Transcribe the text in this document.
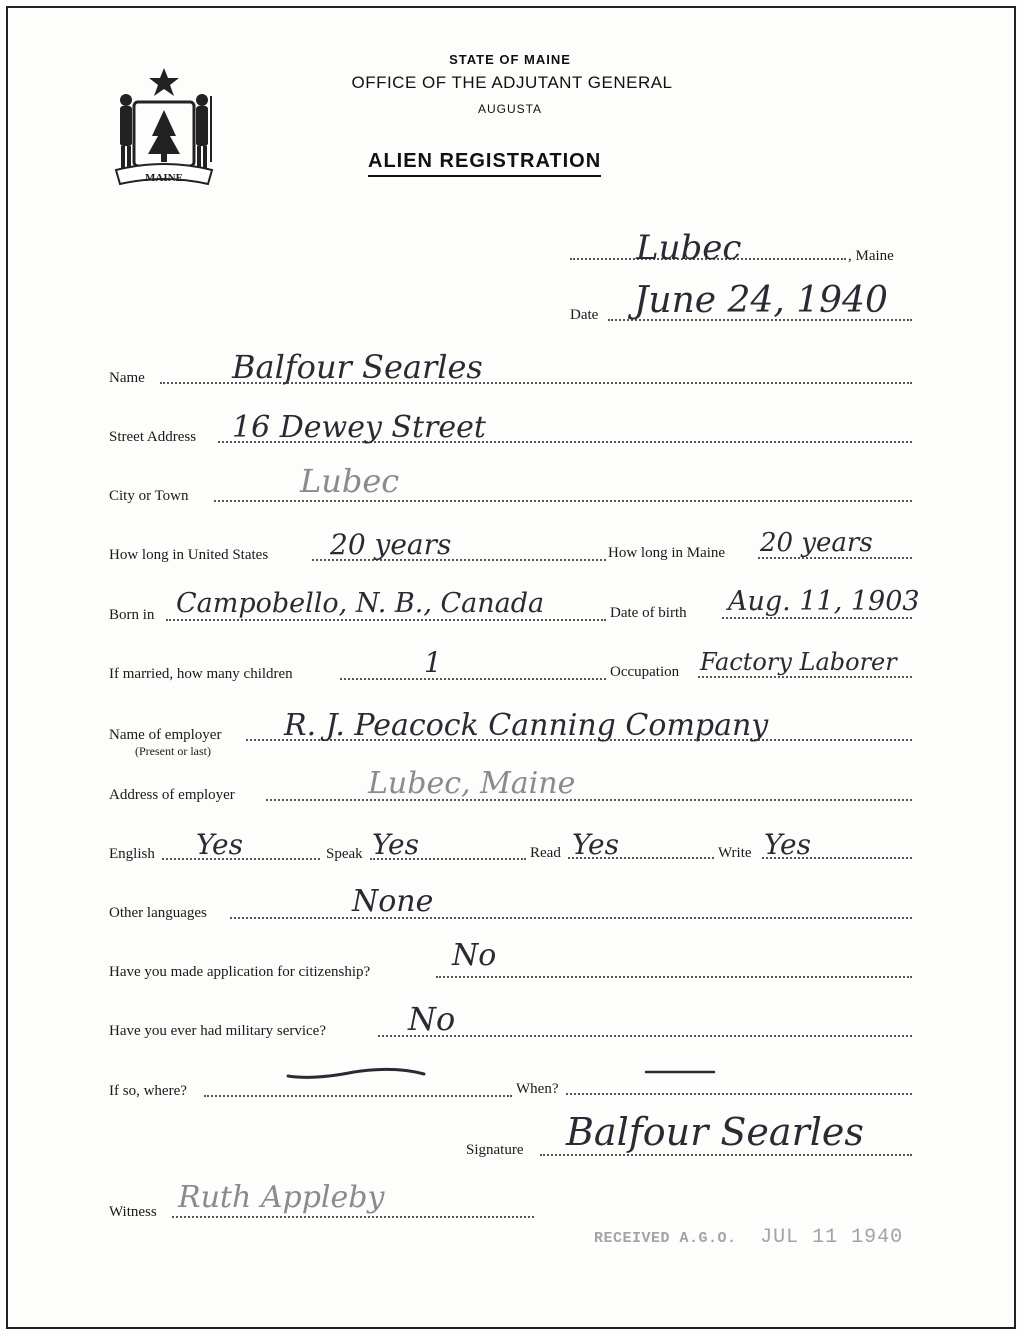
MAINE
STATE OF MAINE
OFFICE OF THE ADJUTANT GENERAL
AUGUSTA
ALIEN REGISTRATION
Lubec	, Maine
Date June 24, 1940
Name	Balfour Searles
Street Address 16 Dewey Street
City or Town	Lubec
How long in United States 20 years	How long in Maine 20 years
Born in Campobello, N. B., Canada	Date of birth Aug. 11, 1903
If married, how many children	1	Occupation Factory Laborer
Name of employer
(Present or last)
R. J. Peacock Canning Company
Address of employer	Lubec, Maine
English Yes	Speak Yes	Read Yes	Write Yes
Other languages	None
Have you made application for citizenship?	No
Have you ever had military service?	No
If so, where?	When?
Signature Balfour Searles
Witness Ruth Appleby
RECEIVED A.G.O. JUL 11 1940
